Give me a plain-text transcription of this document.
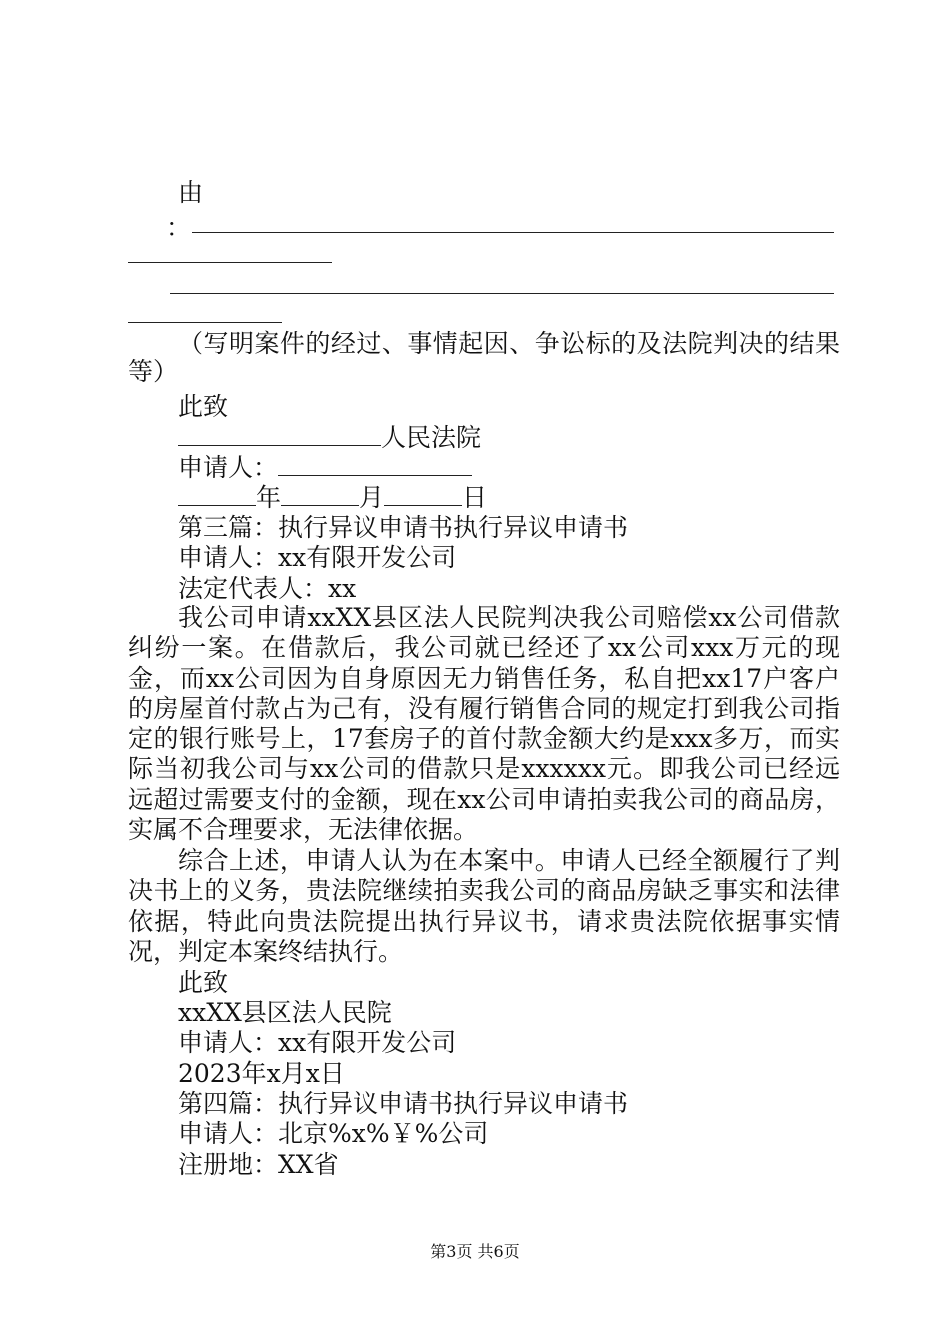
由
：
（写明案件的经过、事情起因、争讼标的及法院判决的结果等）
此致
人民法院
申请人：
年	月	日
第三篇：执行异议申请书执行异议申请书
申请人：xx有限开发公司
法定代表人：xx
我公司申请xxXX县区法人民院判决我公司赔偿xx公司借款纠纷一案。在借款后，我公司就已经还了xx公司xxx万元的现金，而xx公司因为自身原因无力销售任务，私自把xx17户客户的房屋首付款占为己有，没有履行销售合同的规定打到我公司指定的银行账号上，17套房子的首付款金额大约是xxx多万，而实际当初我公司与xx公司的借款只是xxxxxx元。即我公司已经远远超过需要支付的金额，现在xx公司申请拍卖我公司的商品房，实属不合理要求，无法律依据。
综合上述，申请人认为在本案中。申请人已经全额履行了判决书上的义务，贵法院继续拍卖我公司的商品房缺乏事实和法律依据，特此向贵法院提出执行异议书，请求贵法院依据事实情况，判定本案终结执行。
此致
xxXX县区法人民院
申请人：xx有限开发公司
2023年x月x日
第四篇：执行异议申请书执行异议申请书
申请人：北京%x%￥%公司
注册地：XX省
第3页 共6页
